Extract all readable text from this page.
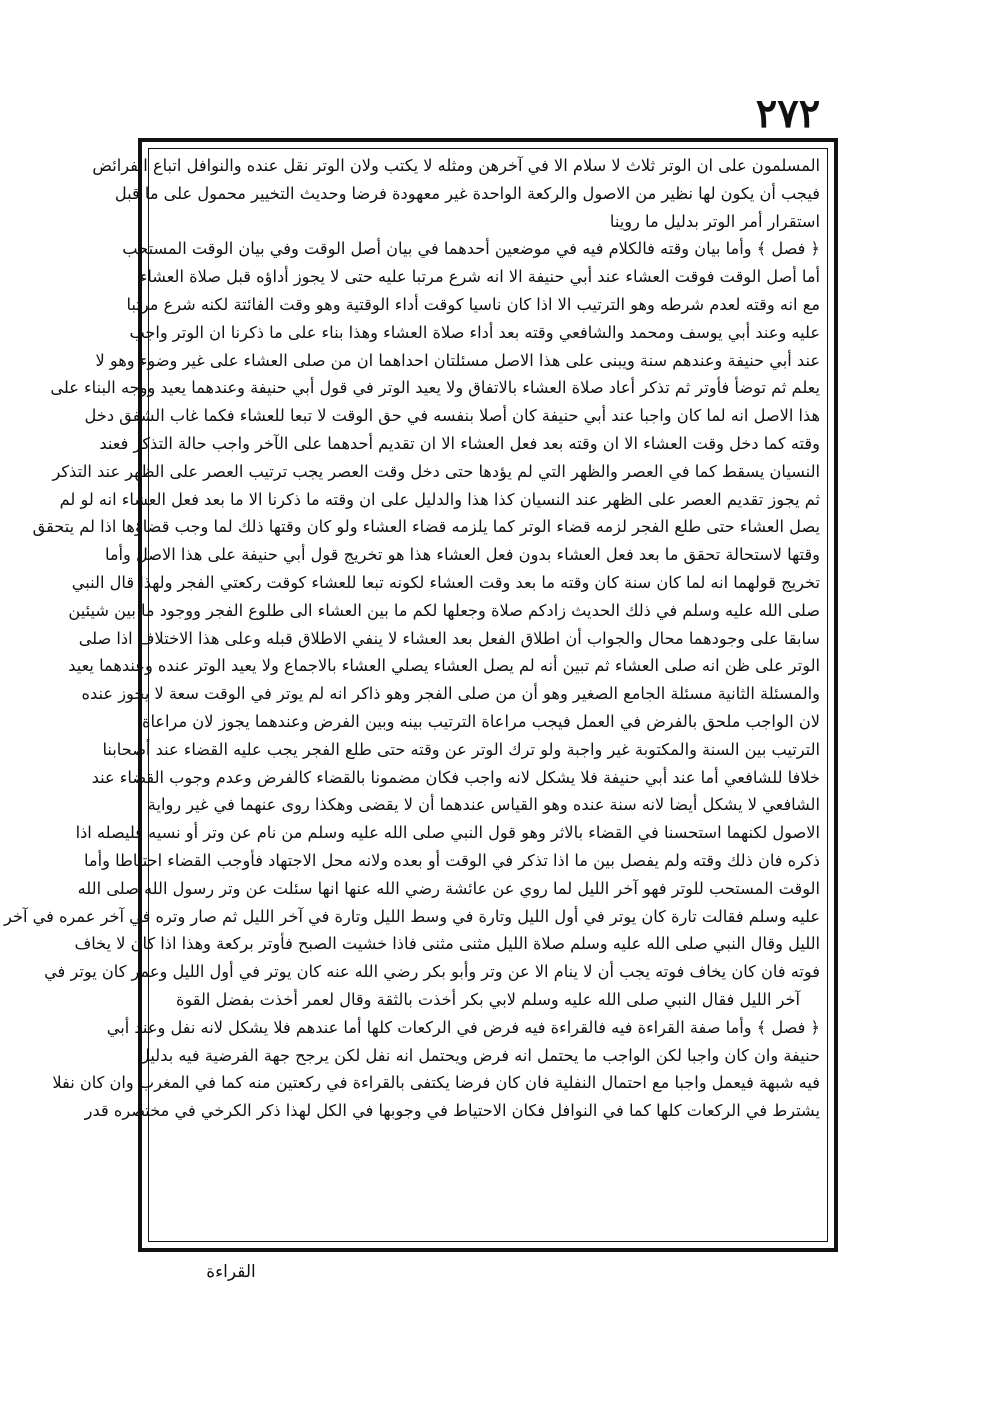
٢٧٢
المسلمون على ان الوتر ثلاث لا سلام الا في آخرهن ومثله لا يكتب ولان الوتر نقل عنده والنوافل اتباع الفرائض
فيجب أن يكون لها نظير من الاصول والركعة الواحدة غير معهودة فرضا وحديث التخيير محمول على ما قبل
استقرار أمر الوتر بدليل ما روينا
﴿ فصل ﴾ وأما بيان وقته فالكلام فيه في موضعين أحدهما في بيان أصل الوقت وفي بيان الوقت المستحب
أما أصل الوقت فوقت العشاء عند أبي حنيفة الا انه شرع مرتبا عليه حتى لا يجوز أداؤه قبل صلاة العشاء
مع انه وقته لعدم شرطه وهو الترتيب الا اذا كان ناسيا كوقت أداء الوقتية وهو وقت الفائتة لكنه شرع مرتبا
عليه وعند أبي يوسف ومحمد والشافعي وقته بعد أداء صلاة العشاء وهذا بناء على ما ذكرنا ان الوتر واجب
عند أبي حنيفة وعندهم سنة ويبنى على هذا الاصل مسئلتان احداهما ان من صلى العشاء على غير وضوء وهو لا
يعلم ثم توضأ فأوتر ثم تذكر أعاد صلاة العشاء بالاتفاق ولا يعيد الوتر في قول أبي حنيفة وعندهما يعيد ووجه البناء على
هذا الاصل انه لما كان واجبا عند أبي حنيفة كان أصلا بنفسه في حق الوقت لا تبعا للعشاء فكما غاب الشفق دخل
وقته كما دخل وقت العشاء الا ان وقته بعد فعل العشاء الا ان تقديم أحدهما على الآخر واجب حالة التذكر فعند
النسيان يسقط كما في العصر والظهر التي لم يؤدها حتى دخل وقت العصر يجب ترتيب العصر على الظهر عند التذكر
ثم يجوز تقديم العصر على الظهر عند النسيان كذا هذا والدليل على ان وقته ما ذكرنا الا ما بعد فعل العشاء انه لو لم
يصل العشاء حتى طلع الفجر لزمه قضاء الوتر كما يلزمه قضاء العشاء ولو كان وقتها ذلك لما وجب قضاؤها اذا لم يتحقق
وقتها لاستحالة تحقق ما بعد فعل العشاء بدون فعل العشاء هذا هو تخريج قول أبي حنيفة على هذا الاصل وأما
تخريج قولهما انه لما كان سنة كان وقته ما بعد وقت العشاء لكونه تبعا للعشاء كوقت ركعتي الفجر ولهذا قال النبي
صلى الله عليه وسلم في ذلك الحديث زادكم صلاة وجعلها لكم ما بين العشاء الى طلوع الفجر ووجود ما بين شيئين
سابقا على وجودهما محال والجواب أن اطلاق الفعل بعد العشاء لا ينفي الاطلاق قبله وعلى هذا الاختلاف اذا صلى
الوتر على ظن انه صلى العشاء ثم تبين أنه لم يصل العشاء يصلي العشاء بالاجماع ولا يعيد الوتر عنده وعندهما يعيد
والمسئلة الثانية مسئلة الجامع الصغير وهو أن من صلى الفجر وهو ذاكر انه لم يوتر في الوقت سعة لا يجوز عنده
لان الواجب ملحق بالفرض في العمل فيجب مراعاة الترتيب بينه وبين الفرض وعندهما يجوز لان مراعاة
الترتيب بين السنة والمكتوبة غير واجبة ولو ترك الوتر عن وقته حتى طلع الفجر يجب عليه القضاء عند أصحابنا
خلافا للشافعي أما عند أبي حنيفة فلا يشكل لانه واجب فكان مضمونا بالقضاء كالفرض وعدم وجوب القضاء عند
الشافعي لا يشكل أيضا لانه سنة عنده وهو القياس عندهما أن لا يقضى وهكذا روى عنهما في غير رواية
الاصول لكنهما استحسنا في القضاء بالاثر وهو قول النبي صلى الله عليه وسلم من نام عن وتر أو نسيه فليصله اذا
ذكره فان ذلك وقته ولم يفصل بين ما اذا تذكر في الوقت أو بعده ولانه محل الاجتهاد فأوجب القضاء احتياطا وأما
الوقت المستحب للوتر فهو آخر الليل لما روي عن عائشة رضي الله عنها انها سئلت عن وتر رسول الله صلى الله
عليه وسلم فقالت تارة كان يوتر في أول الليل وتارة في وسط الليل وتارة في آخر الليل ثم صار وتره في آخر عمره في آخر
الليل وقال النبي صلى الله عليه وسلم صلاة الليل مثنى مثنى فاذا خشيت الصبح فأوتر بركعة وهذا اذا كان لا يخاف
فوته فان كان يخاف فوته يجب أن لا ينام الا عن وتر وأبو بكر رضي الله عنه كان يوتر في أول الليل وعمر كان يوتر في
آخر الليل فقال النبي صلى الله عليه وسلم لابي بكر أخذت بالثقة وقال لعمر أخذت بفضل القوة
﴿ فصل ﴾ وأما صفة القراءة فيه فالقراءة فيه فرض في الركعات كلها أما عندهم فلا يشكل لانه نفل وعند أبي
حنيفة وان كان واجبا لكن الواجب ما يحتمل انه فرض ويحتمل انه نفل لكن يرجح جهة الفرضية فيه بدليل
فيه شبهة فيعمل واجبا مع احتمال النفلية فان كان فرضا يكتفى بالقراءة في ركعتين منه كما في المغرب وان كان نفلا
يشترط في الركعات كلها كما في النوافل فكان الاحتياط في وجوبها في الكل لهذا ذكر الكرخي في مختصره قدر
القراءة
